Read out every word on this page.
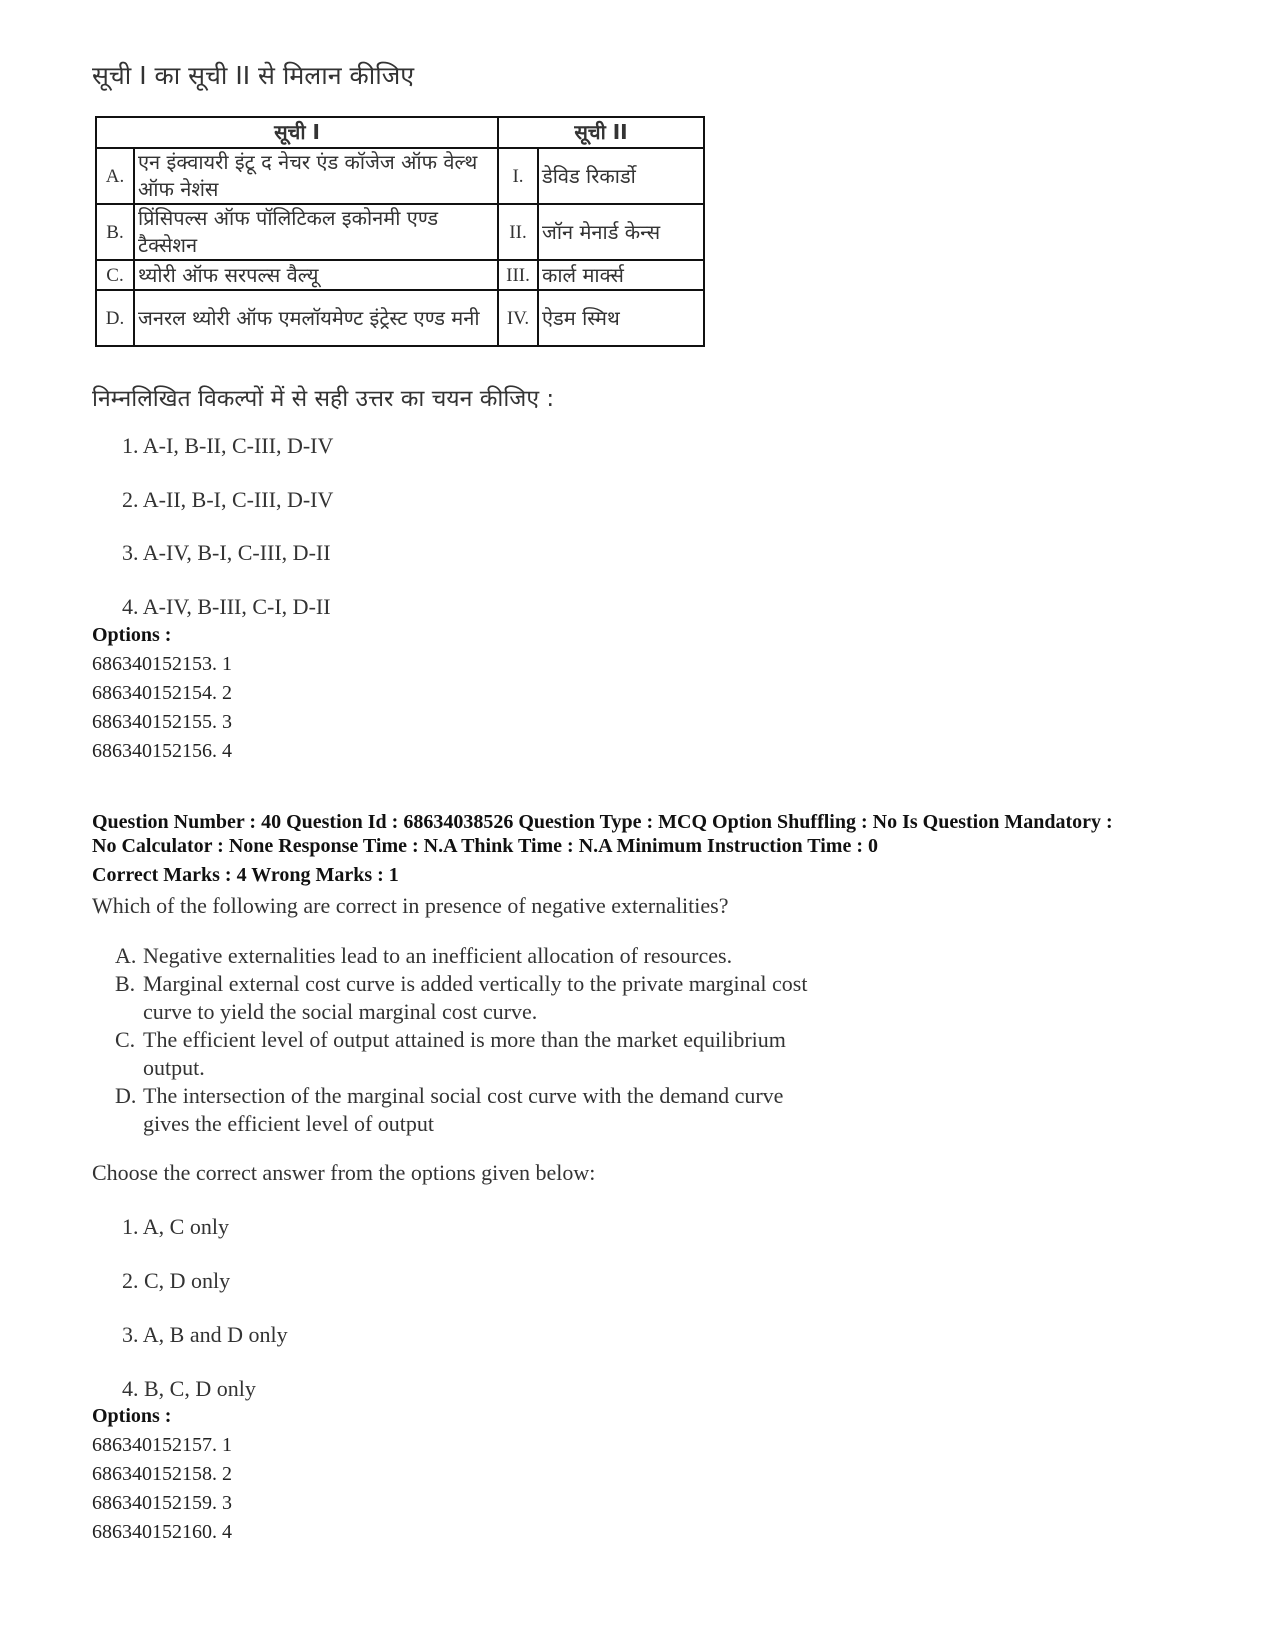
सूची I का सूची II से मिलान कीजिए
सूची I		सूची II	
A.	एन इंक्वायरी इंटू द नेचर एंड कॉजेज ऑफ वेल्थ ऑफ नेशंस	I.	डेविड रिकार्डो
B.	प्रिंसिपल्स ऑफ पॉलिटिकल इकोनमी एण्ड टैक्सेशन	II.	जॉन मेनार्ड केन्स
C.	थ्योरी ऑफ सरपल्स वैल्यू	III.	कार्ल मार्क्स
D.	जनरल थ्योरी ऑफ एमलॉयमेण्ट इंट्रेस्ट एण्ड मनी	IV.	ऐडम स्मिथ
निम्नलिखित विकल्पों में से सही उत्तर का चयन कीजिए :
1. A-I, B-II, C-III, D-IV
2. A-II, B-I, C-III, D-IV
3. A-IV, B-I, C-III, D-II
4. A-IV, B-III, C-I, D-II
Options :
686340152153. 1
686340152154. 2
686340152155. 3
686340152156. 4
Question Number : 40 Question Id : 68634038526 Question Type : MCQ Option Shuffling : No Is Question Mandatory :
No Calculator : None Response Time : N.A Think Time : N.A Minimum Instruction Time : 0
Correct Marks : 4 Wrong Marks : 1
Which of the following are correct in presence of negative externalities?
A. Negative externalities lead to an inefficient allocation of resources.
B. Marginal external cost curve is added vertically to the private marginal cost
curve to yield the social marginal cost curve.
C. The efficient level of output attained is more than the market equilibrium
output.
D. The intersection of the marginal social cost curve with the demand curve
gives the efficient level of output
Choose the correct answer from the options given below:
1. A, C only
2. C, D only
3. A, B and D only
4. B, C, D only
Options :
686340152157. 1
686340152158. 2
686340152159. 3
686340152160. 4
